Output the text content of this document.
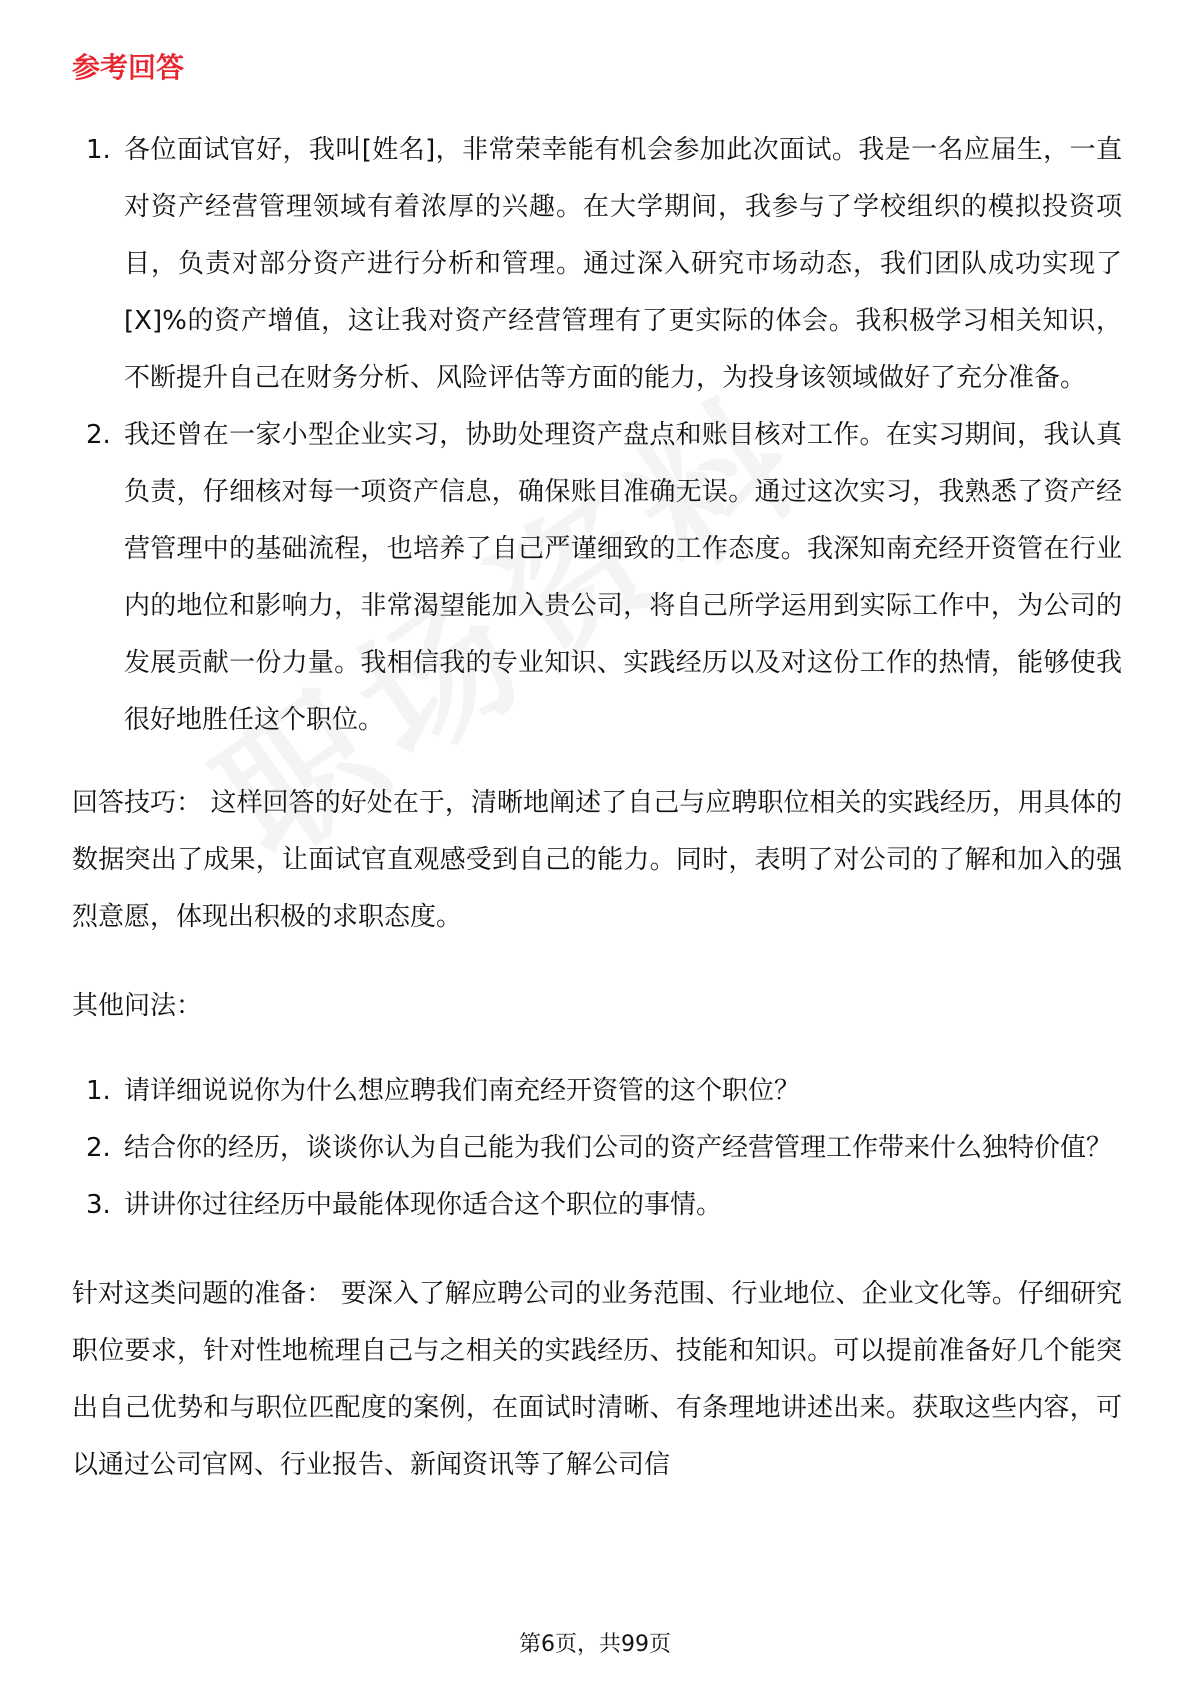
参考回答
1. 各位面试官好，我叫[姓名]，非常荣幸能有机会参加此次面试。我是一名应届生，一直对资产经营管理领域有着浓厚的兴趣。在大学期间，我参与了学校组织的模拟投资项目，负责对部分资产进行分析和管理。通过深入研究市场动态，我们团队成功实现了[X]%的资产增值，这让我对资产经营管理有了更实际的体会。我积极学习相关知识，不断提升自己在财务分析、风险评估等方面的能力，为投身该领域做好了充分准备。
2. 我还曾在一家小型企业实习，协助处理资产盘点和账目核对工作。在实习期间，我认真负责，仔细核对每一项资产信息，确保账目准确无误。通过这次实习，我熟悉了资产经营管理中的基础流程，也培养了自己严谨细致的工作态度。我深知南充经开资管在行业内的地位和影响力，非常渴望能加入贵公司，将自己所学运用到实际工作中，为公司的发展贡献一份力量。我相信我的专业知识、实践经历以及对这份工作的热情，能够使我很好地胜任这个职位。

回答技巧： 这样回答的好处在于，清晰地阐述了自己与应聘职位相关的实践经历，用具体的数据突出了成果，让面试官直观感受到自己的能力。同时，表明了对公司的了解和加入的强烈意愿，体现出积极的求职态度。

其他问法：

1. 请详细说说你为什么想应聘我们南充经开资管的这个职位？
2. 结合你的经历，谈谈你认为自己能为我们公司的资产经营管理工作带来什么独特价值？
3. 讲讲你过往经历中最能体现你适合这个职位的事情。

针对这类问题的准备： 要深入了解应聘公司的业务范围、行业地位、企业文化等。仔细研究职位要求，针对性地梳理自己与之相关的实践经历、技能和知识。可以提前准备好几个能突出自己优势和与职位匹配度的案例，在面试时清晰、有条理地讲述出来。获取这些内容，可以通过公司官网、行业报告、新闻资讯等了解公司信

第6页，共99页
